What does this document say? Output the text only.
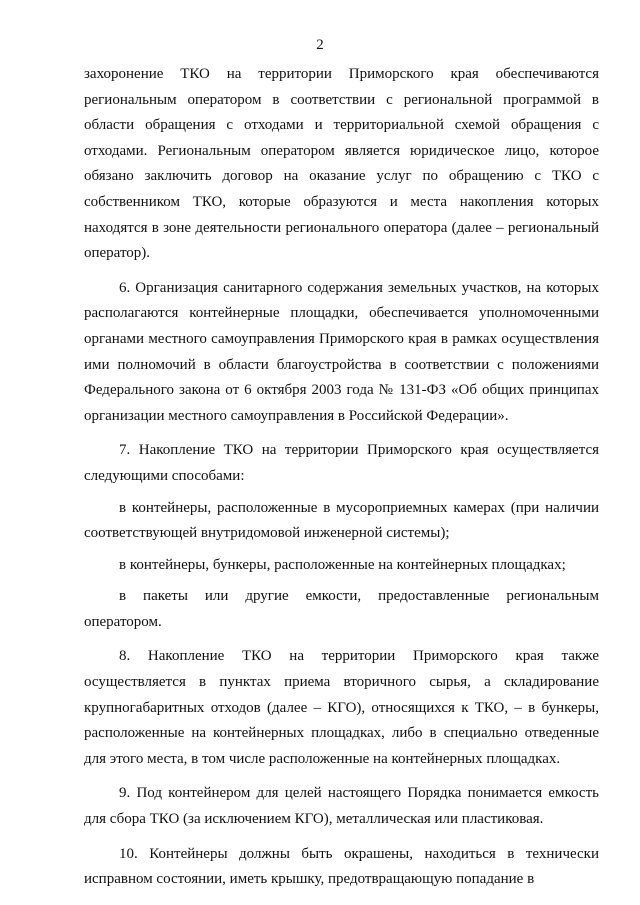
2

захоронение ТКО на территории Приморского края обеспечиваются региональным оператором в соответствии с региональной программой в области обращения с отходами и территориальной схемой обращения с отходами. Региональным оператором является юридическое лицо, которое обязано заключить договор на оказание услуг по обращению с ТКО с собственником ТКО, которые образуются и места накопления которых находятся в зоне деятельности регионального оператора (далее – региональный оператор).

6. Организация санитарного содержания земельных участков, на которых располагаются контейнерные площадки, обеспечивается уполномоченными органами местного самоуправления Приморского края в рамках осуществления ими полномочий в области благоустройства в соответствии с положениями Федерального закона от 6 октября 2003 года № 131-ФЗ «Об общих принципах организации местного самоуправления в Российской Федерации».

7. Накопление ТКО на территории Приморского края осуществляется следующими способами:

в контейнеры, расположенные в мусороприемных камерах (при наличии соответствующей внутридомовой инженерной системы);

в контейнеры, бункеры, расположенные на контейнерных площадках;

в пакеты или другие емкости, предоставленные региональным оператором.

8. Накопление ТКО на территории Приморского края также осуществляется в пунктах приема вторичного сырья, а складирование крупногабаритных отходов (далее – КГО), относящихся к ТКО, – в бункеры, расположенные на контейнерных площадках, либо в специально отведенные для этого места, в том числе расположенные на контейнерных площадках.

9. Под контейнером для целей настоящего Порядка понимается емкость для сбора ТКО (за исключением КГО), металлическая или пластиковая.

10. Контейнеры должны быть окрашены, находиться в технически исправном состоянии, иметь крышку, предотвращающую попадание в
